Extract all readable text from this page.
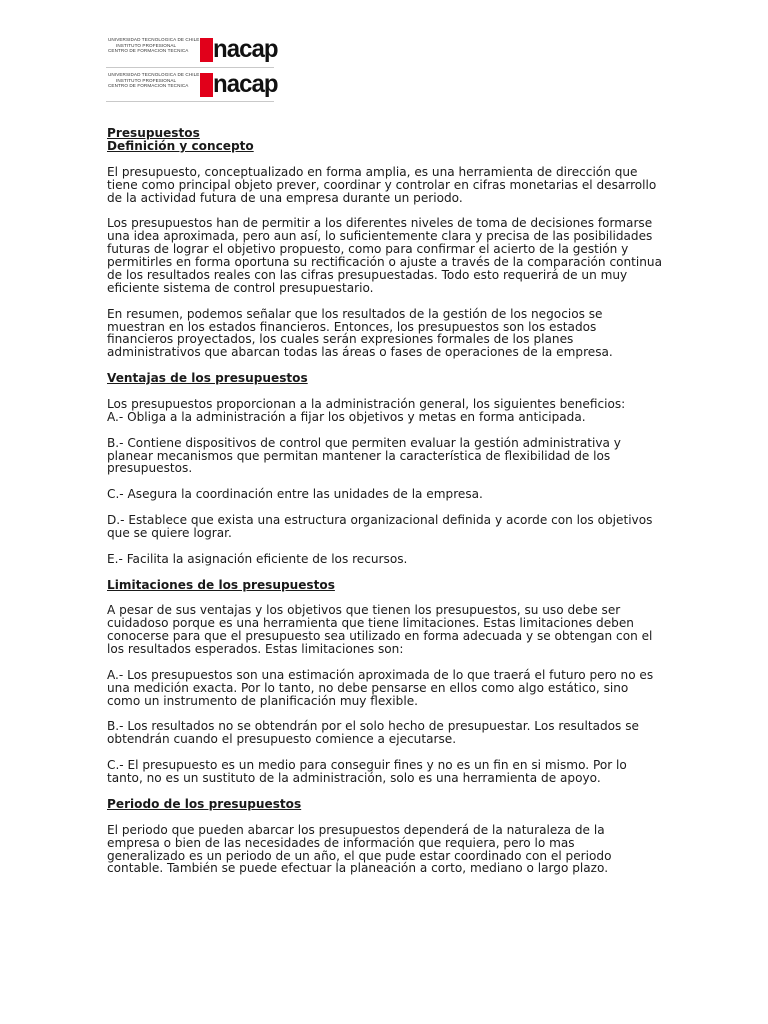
UNIVERSIDAD TECNOLOGICA DE CHILE
INSTITUTO PROFESIONAL
CENTRO DE FORMACION TECNICA nacap
UNIVERSIDAD TECNOLOGICA DE CHILE
INSTITUTO PROFESIONAL
CENTRO DE FORMACION TECNICA nacap

Presupuestos

Definición y concepto

El presupuesto, conceptualizado en forma amplia, es una herramienta de dirección que
tiene como principal objeto prever, coordinar y controlar en cifras monetarias el desarrollo
de la actividad futura de una empresa durante un periodo.

Los presupuestos han de permitir a los diferentes niveles de toma de decisiones formarse
una idea aproximada, pero aun así, lo suficientemente clara y precisa de las posibilidades
futuras de lograr el objetivo propuesto, como para confirmar el acierto de la gestión y
permitirles en forma oportuna su rectificación o ajuste a través de la comparación continua
de los resultados reales con las cifras presupuestadas. Todo esto requerirá de un muy
eficiente sistema de control presupuestario.

En resumen, podemos señalar que los resultados de la gestión de los negocios se
muestran en los estados financieros. Entonces, los presupuestos son los estados
financieros proyectados, los cuales serán expresiones formales de los planes
administrativos que abarcan todas las áreas o fases de operaciones de la empresa.

Ventajas de los presupuestos

Los presupuestos proporcionan a la administración general, los siguientes beneficios:
A.- Obliga a la administración a fijar los objetivos y metas en forma anticipada.

B.- Contiene dispositivos de control que permiten evaluar la gestión administrativa y
planear mecanismos que permitan mantener la característica de flexibilidad de los
presupuestos.

C.- Asegura la coordinación entre las unidades de la empresa.

D.- Establece que exista una estructura organizacional definida y acorde con los objetivos
que se quiere lograr.

E.- Facilita la asignación eficiente de los recursos.

Limitaciones de los presupuestos

A pesar de sus ventajas y los objetivos que tienen los presupuestos, su uso debe ser
cuidadoso porque es una herramienta que tiene limitaciones. Estas limitaciones deben
conocerse para que el presupuesto sea utilizado en forma adecuada y se obtengan con el
los resultados esperados. Estas limitaciones son:

A.- Los presupuestos son una estimación aproximada de lo que traerá el futuro pero no es
una medición exacta. Por lo tanto, no debe pensarse en ellos como algo estático, sino
como un instrumento de planificación muy flexible.

B.- Los resultados no se obtendrán por el solo hecho de presupuestar. Los resultados se
obtendrán cuando el presupuesto comience a ejecutarse.

C.- El presupuesto es un medio para conseguir fines y no es un fin en si mismo. Por lo
tanto, no es un sustituto de la administración, solo es una herramienta de apoyo.

Periodo de los presupuestos

El periodo que pueden abarcar los presupuestos dependerá de la naturaleza de la
empresa o bien de las necesidades de información que requiera, pero lo mas
generalizado es un periodo de un año, el que pude estar coordinado con el periodo
contable. También se puede efectuar la planeación a corto, mediano o largo plazo.
